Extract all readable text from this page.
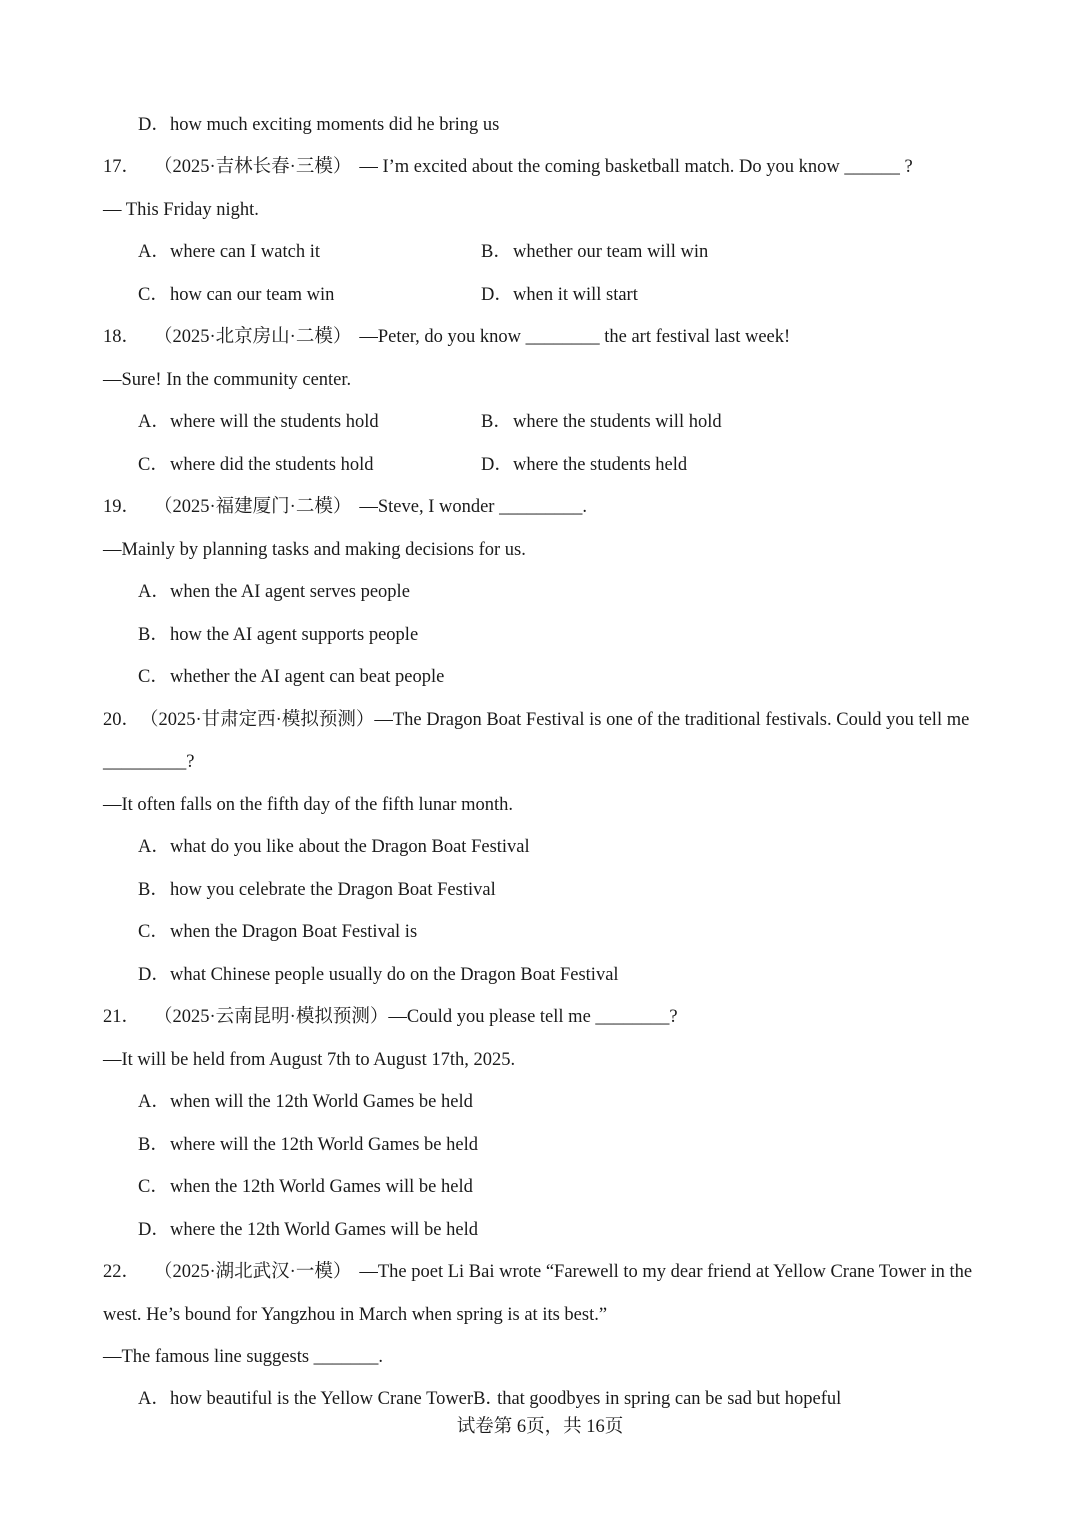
D．how much exciting moments did he bring us
17． （2025·吉林长春·三模） — I’m excited about the coming basketball match. Do you know ______ ?
— This Friday night.
A．where can I watch it	B．whether our team will win
C．how can our team win	D．when it will start
18． （2025·北京房山·二模） —Peter, do you know ________ the art festival last week!
—Sure! In the community center.
A．where will the students hold	B．where the students will hold
C．where did the students hold	D．where the students held
19． （2025·福建厦门·二模） —Steve, I wonder _________.
—Mainly by planning tasks and making decisions for us.
A．when the AI agent serves people
B．how the AI agent supports people
C．whether the AI agent can beat people
20．（2025·甘肃定西·模拟预测）—The Dragon Boat Festival is one of the traditional festivals. Could you tell me
_________?
—It often falls on the fifth day of the fifth lunar month.
A．what do you like about the Dragon Boat Festival
B．how you celebrate the Dragon Boat Festival
C．when the Dragon Boat Festival is
D．what Chinese people usually do on the Dragon Boat Festival
21． （2025·云南昆明·模拟预测）—Could you please tell me ________?
—It will be held from August 7th to August 17th, 2025.
A．when will the 12th World Games be held
B．where will the 12th World Games be held
C．when the 12th World Games will be held
D．where the 12th World Games will be held
22． （2025·湖北武汉·一模） —The poet Li Bai wrote “Farewell to my dear friend at Yellow Crane Tower in the
west. He’s bound for Yangzhou in March when spring is at its best.”
—The famous line suggests _______.
A．how beautiful is the Yellow Crane TowerB．that goodbyes in spring can be sad but hopeful
试卷第 6页，共 16页
